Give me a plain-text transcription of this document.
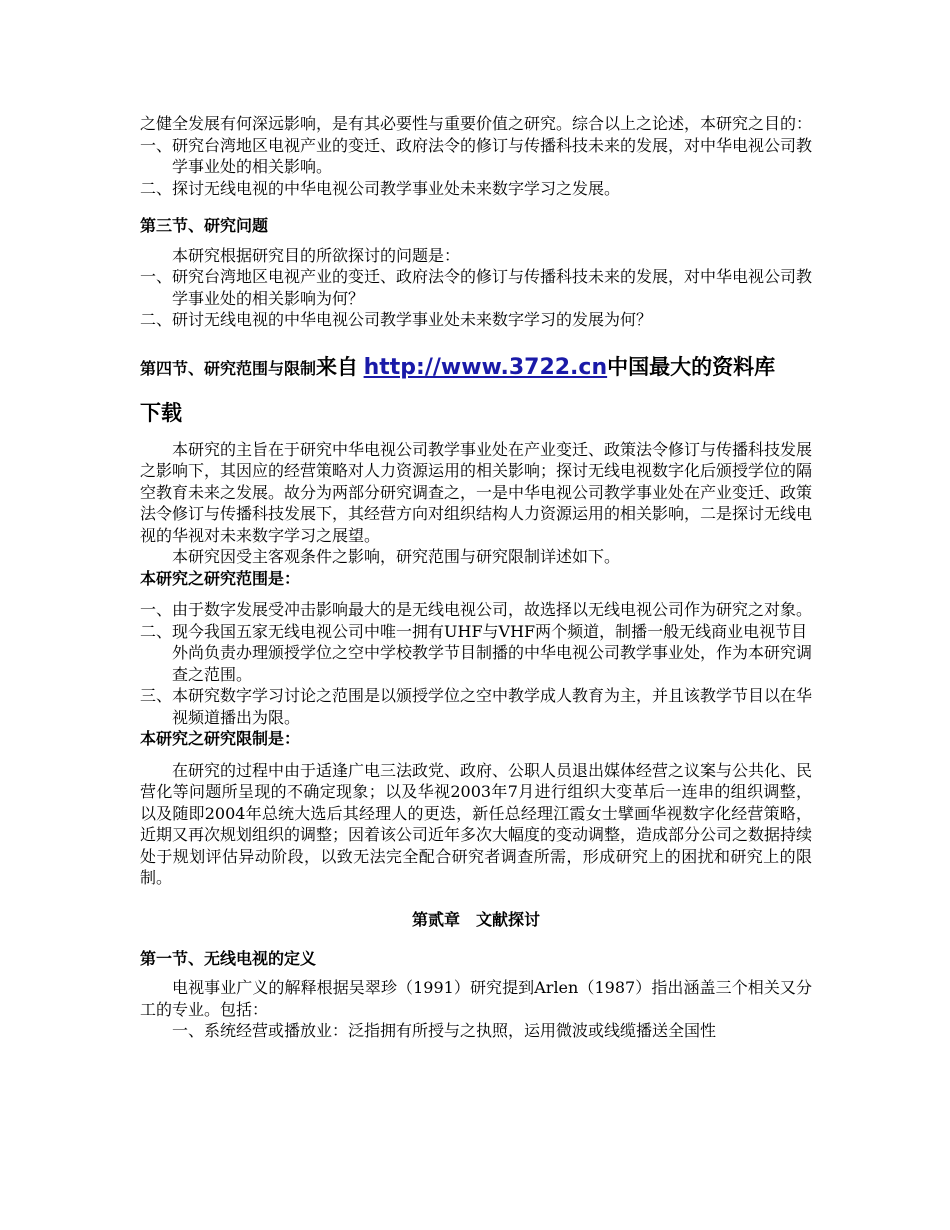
之健全发展有何深远影响，是有其必要性与重要价值之研究。综合以上之论述，本研究之目的：

一、 研究台湾地区电视产业的变迁、政府法令的修订与传播科技未来的发展，对中华电视公司教学事业处的相关影响。

二、 探讨无线电视的中华电视公司教学事业处未来数字学习之发展。

第三节、研究问题

本研究根据研究目的所欲探讨的问题是：

一、 研究台湾地区电视产业的变迁、政府法令的修订与传播科技未来的发展，对中华电视公司教学事业处的相关影响为何？

二、 研讨无线电视的中华电视公司教学事业处未来数字学习的发展为何？

第四节、研究范围与限制来自 http://www.3722.cn中国最大的资料库

下载

本研究的主旨在于研究中华电视公司教学事业处在产业变迁、政策法令修订与传播科技发展之影响下，其因应的经营策略对人力资源运用的相关影响；探讨无线电视数字化后颁授学位的隔空教育未来之发展。故分为两部分研究调查之，一是中华电视公司教学事业处在产业变迁、政策法令修订与传播科技发展下，其经营方向对组织结构人力资源运用的相关影响，二是探讨无线电视的华视对未来数字学习之展望。

本研究因受主客观条件之影响，研究范围与研究限制详述如下。

本研究之研究范围是：

一、 由于数字发展受冲击影响最大的是无线电视公司，故选择以无线电视公司作为研究之对象。

二、 现今我国五家无线电视公司中唯一拥有UHF与VHF两个频道，制播一般无线商业电视节目外尚负责办理颁授学位之空中学校教学节目制播的中华电视公司教学事业处，作为本研究调查之范围。

三、 本研究数字学习讨论之范围是以颁授学位之空中教学成人教育为主，并且该教学节目以在华视频道播出为限。

本研究之研究限制是：

在研究的过程中由于适逢广电三法政党、政府、公职人员退出媒体经营之议案与公共化、民营化等问题所呈现的不确定现象；以及华视2003年7月进行组织大变革后一连串的组织调整，以及随即2004年总统大选后其经理人的更迭，新任总经理江霞女士擘画华视数字化经营策略，近期又再次规划组织的调整；因着该公司近年多次大幅度的变动调整，造成部分公司之数据持续处于规划评估异动阶段，以致无法完全配合研究者调查所需，形成研究上的困扰和研究上的限制。

第贰章　文献探讨

第一节、无线电视的定义

电视事业广义的解释根据吴翠珍（1991）研究提到Arlen（1987）指出涵盖三个相关又分工的专业。包括：

一、系统经营或播放业：泛指拥有所授与之执照，运用微波或线缆播送全国性
